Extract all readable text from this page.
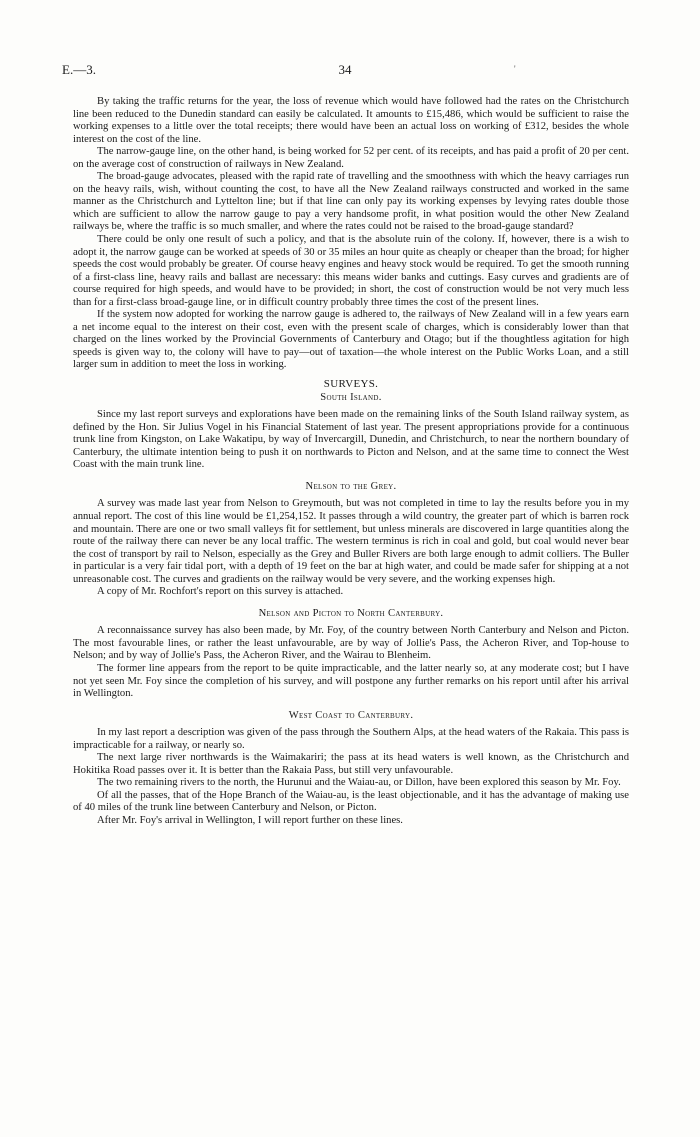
E.—3.	34	'

By taking the traffic returns for the year, the loss of revenue which would have followed had the rates on the Christchurch line been reduced to the Dunedin standard can easily be calculated. It amounts to £15,486, which would be sufficient to raise the working expenses to a little over the total receipts; there would have been an actual loss on working of £312, besides the whole interest on the cost of the line.

The narrow-gauge line, on the other hand, is being worked for 52 per cent. of its receipts, and has paid a profit of 20 per cent. on the average cost of construction of railways in New Zealand.

The broad-gauge advocates, pleased with the rapid rate of travelling and the smoothness with which the heavy carriages run on the heavy rails, wish, without counting the cost, to have all the New Zealand railways constructed and worked in the same manner as the Christchurch and Lyttelton line; but if that line can only pay its working expenses by levying rates double those which are sufficient to allow the narrow gauge to pay a very handsome profit, in what position would the other New Zealand railways be, where the traffic is so much smaller, and where the rates could not be raised to the broad-gauge standard?

There could be only one result of such a policy, and that is the absolute ruin of the colony. If, however, there is a wish to adopt it, the narrow gauge can be worked at speeds of 30 or 35 miles an hour quite as cheaply or cheaper than the broad; for higher speeds the cost would probably be greater. Of course heavy engines and heavy stock would be required. To get the smooth running of a first-class line, heavy rails and ballast are necessary: this means wider banks and cuttings. Easy curves and gradients are of course required for high speeds, and would have to be provided; in short, the cost of construction would be not very much less than for a first-class broad-gauge line, or in difficult country probably three times the cost of the present lines.

If the system now adopted for working the narrow gauge is adhered to, the railways of New Zealand will in a few years earn a net income equal to the interest on their cost, even with the present scale of charges, which is considerably lower than that charged on the lines worked by the Provincial Governments of Canterbury and Otago; but if the thoughtless agitation for high speeds is given way to, the colony will have to pay—out of taxation—the whole interest on the Public Works Loan, and a still larger sum in addition to meet the loss in working.

SURVEYS.
South Island.

Since my last report surveys and explorations have been made on the remaining links of the South Island railway system, as defined by the Hon. Sir Julius Vogel in his Financial Statement of last year. The present appropriations provide for a continuous trunk line from Kingston, on Lake Wakatipu, by way of Invercargill, Dunedin, and Christchurch, to near the northern boundary of Canterbury, the ultimate intention being to push it on northwards to Picton and Nelson, and at the same time to connect the West Coast with the main trunk line.

Nelson to the Grey.

A survey was made last year from Nelson to Greymouth, but was not completed in time to lay the results before you in my annual report. The cost of this line would be £1,254,152. It passes through a wild country, the greater part of which is barren rock and mountain. There are one or two small valleys fit for settlement, but unless minerals are discovered in large quantities along the route of the railway there can never be any local traffic. The western terminus is rich in coal and gold, but coal would never bear the cost of transport by rail to Nelson, especially as the Grey and Buller Rivers are both large enough to admit colliers. The Buller in particular is a very fair tidal port, with a depth of 19 feet on the bar at high water, and could be made safer for shipping at a not unreasonable cost. The curves and gradients on the railway would be very severe, and the working expenses high.

A copy of Mr. Rochfort's report on this survey is attached.

Nelson and Picton to North Canterbury.

A reconnaissance survey has also been made, by Mr. Foy, of the country between North Canterbury and Nelson and Picton. The most favourable lines, or rather the least unfavourable, are by way of Jollie's Pass, the Acheron River, and Top-house to Nelson; and by way of Jollie's Pass, the Acheron River, and the Wairau to Blenheim.

The former line appears from the report to be quite impracticable, and the latter nearly so, at any moderate cost; but I have not yet seen Mr. Foy since the completion of his survey, and will postpone any further remarks on his report until after his arrival in Wellington.

West Coast to Canterbury.

In my last report a description was given of the pass through the Southern Alps, at the head waters of the Rakaia. This pass is impracticable for a railway, or nearly so.

The next large river northwards is the Waimakariri; the pass at its head waters is well known, as the Christchurch and Hokitika Road passes over it. It is better than the Rakaia Pass, but still very unfavourable.

The two remaining rivers to the north, the Hurunui and the Waiau-au, or Dillon, have been explored this season by Mr. Foy.

Of all the passes, that of the Hope Branch of the Waiau-au, is the least objectionable, and it has the advantage of making use of 40 miles of the trunk line between Canterbury and Nelson, or Picton.

After Mr. Foy's arrival in Wellington, I will report further on these lines.
